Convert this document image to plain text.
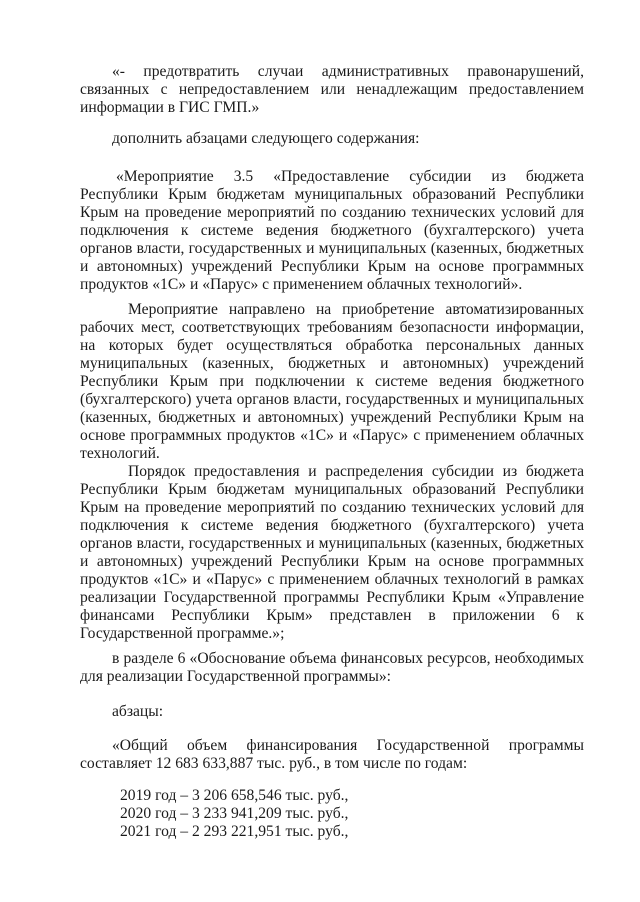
«- предотвратить случаи административных правонарушений, связанных с непредоставлением или ненадлежащим предоставлением информации в ГИС ГМП.»

дополнить абзацами следующего содержания:

«Мероприятие 3.5 «Предоставление субсидии из бюджета Республики Крым бюджетам муниципальных образований Республики Крым на проведение мероприятий по созданию технических условий для подключения к системе ведения бюджетного (бухгалтерского) учета органов власти, государственных и муниципальных (казенных, бюджетных и автономных) учреждений Республики Крым на основе программных продуктов «1С» и «Парус» с применением облачных технологий».

Мероприятие направлено на приобретение автоматизированных рабочих мест, соответствующих требованиям безопасности информации, на которых будет осуществляться обработка персональных данных муниципальных (казенных, бюджетных и автономных) учреждений Республики Крым при подключении к системе ведения бюджетного (бухгалтерского) учета органов власти, государственных и муниципальных (казенных, бюджетных и автономных) учреждений Республики Крым на основе программных продуктов «1С» и «Парус» с применением облачных технологий.

Порядок предоставления и распределения субсидии из бюджета Республики Крым бюджетам муниципальных образований Республики Крым на проведение мероприятий по созданию технических условий для подключения к системе ведения бюджетного (бухгалтерского) учета органов власти, государственных и муниципальных (казенных, бюджетных и автономных) учреждений Республики Крым на основе программных продуктов «1С» и «Парус» с применением облачных технологий в рамках реализации Государственной программы Республики Крым «Управление финансами Республики Крым» представлен в приложении 6 к Государственной программе.»;

в разделе 6 «Обоснование объема финансовых ресурсов, необходимых для реализации Государственной программы»:

абзацы:

«Общий объем финансирования Государственной программы составляет 12 683 633,887 тыс. руб., в том числе по годам:

2019 год – 3 206 658,546 тыс. руб.,

2020 год – 3 233 941,209 тыс. руб.,

2021 год – 2 293 221,951 тыс. руб.,
